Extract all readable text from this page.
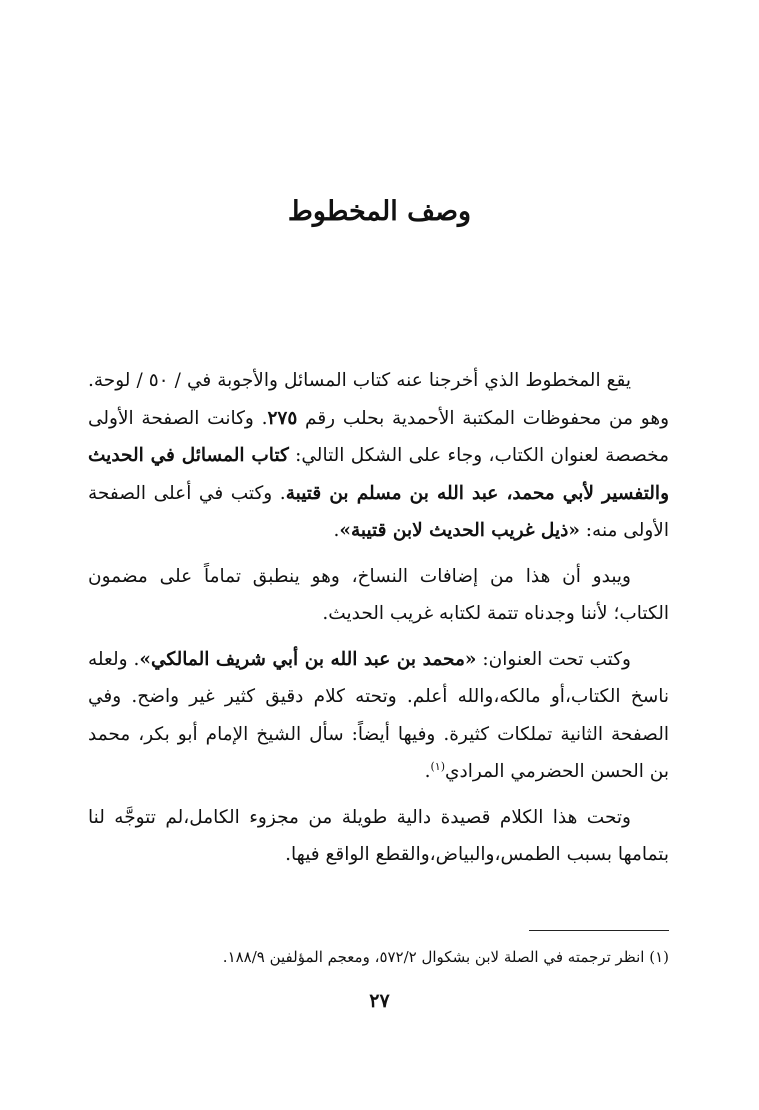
وصف المخطوط

يقع المخطوط الذي أخرجنا عنه كتاب المسائل والأجوبة في / ٥٠ / لوحة. وهو من محفوظات المكتبة الأحمدية بحلب رقم ٢٧٥. وكانت الصفحة الأولى مخصصة لعنوان الكتاب، وجاء على الشكل التالي: كتاب المسائل في الحديث والتفسير لأبي محمد، عبد الله بن مسلم بن قتيبة. وكتب في أعلى الصفحة الأولى منه: «ذيل غريب الحديث لابن قتيبة».

ويبدو أن هذا من إضافات النساخ، وهو ينطبق تماماً على مضمون الكتاب؛ لأننا وجدناه تتمة لكتابه غريب الحديث.

وكتب تحت العنوان: «محمد بن عبد الله بن أبي شريف المالكي». ولعله ناسخ الكتاب،أو مالكه،والله أعلم. وتحته كلام دقيق كثير غير واضح. وفي الصفحة الثانية تملكات كثيرة. وفيها أيضاً: سأل الشيخ الإمام أبو بكر، محمد بن الحسن الحضرمي المرادي$^{(١)}$.

وتحت هذا الكلام قصيدة دالية طويلة من مجزوء الكامل،لم تتوجَّه لنا بتمامها بسبب الطمس،والبياض،والقطع الواقع فيها.

(١) انظر ترجمته في الصلة لابن بشكوال ٥٧٢/٢، ومعجم المؤلفين ١٨٨/٩.
٢٧
